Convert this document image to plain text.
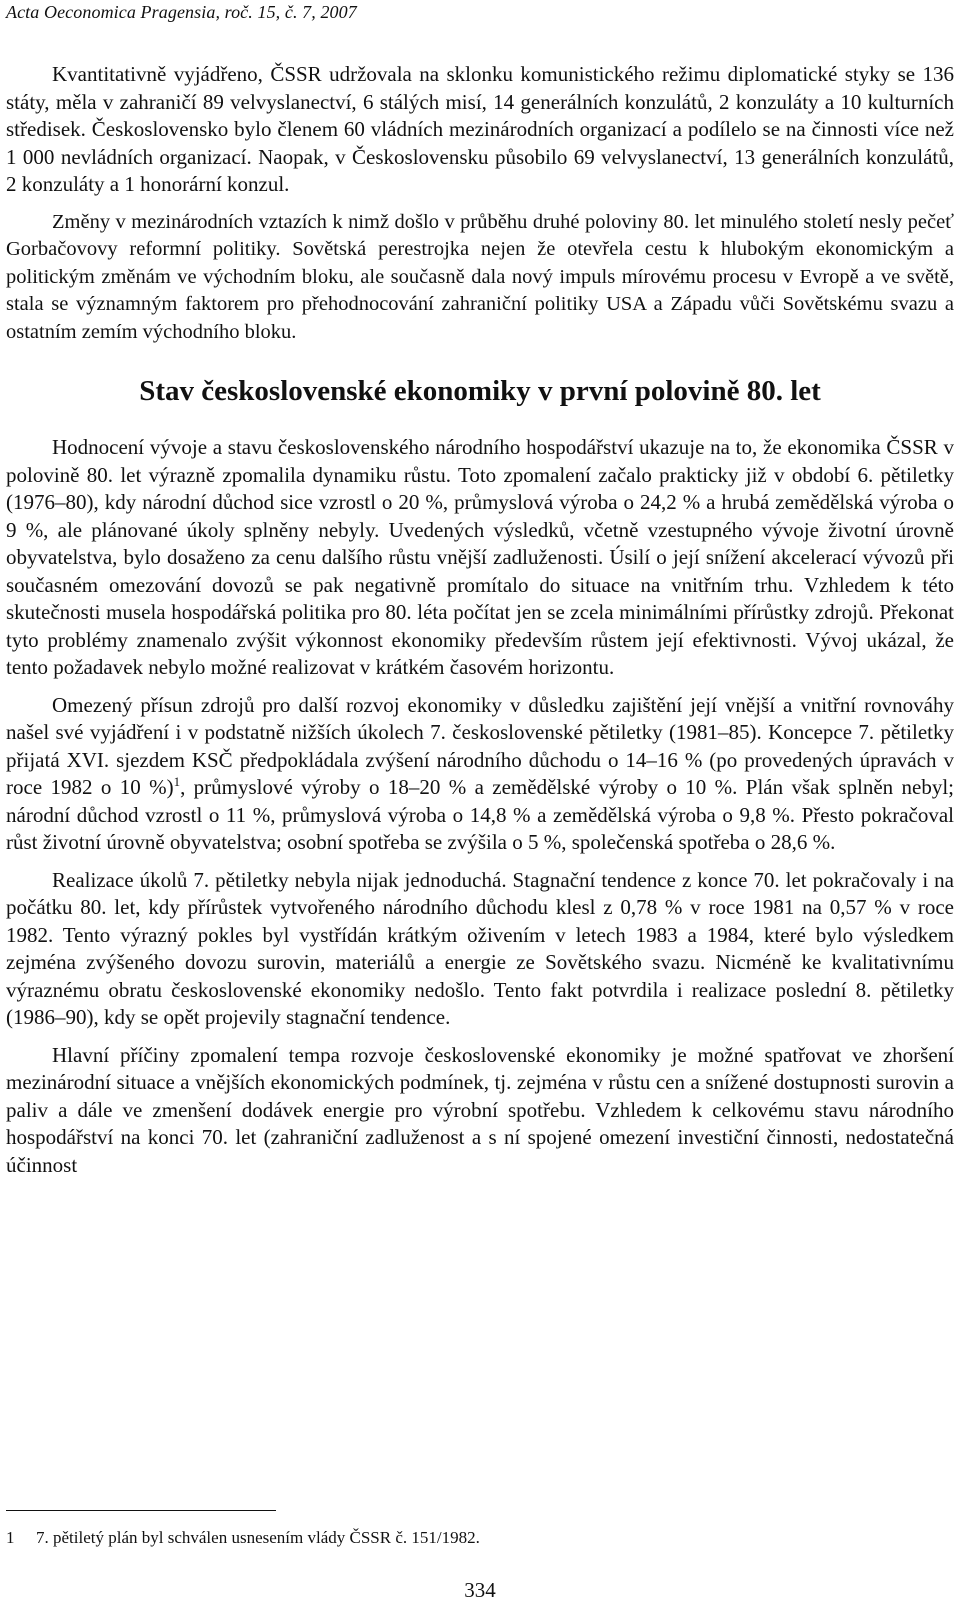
Acta Oeconomica Pragensia, roč. 15, č. 7, 2007

Kvantitativně vyjádřeno, ČSSR udržovala na sklonku komunistického režimu diplomatické styky se 136 státy, měla v zahraničí 89 velvyslanectví, 6 stálých misí, 14 generálních konzulátů, 2 konzuláty a 10 kulturních středisek. Československo bylo členem 60 vládních mezinárodních organizací a podílelo se na činnosti více než 1 000 nevládních organizací. Naopak, v Československu působilo 69 velvyslanectví, 13 generálních konzulátů, 2 konzuláty a 1 honorární konzul.

Změny v mezinárodních vztazích k nimž došlo v průběhu druhé poloviny 80. let minulého století nesly pečeť Gorbačovovy reformní politiky. Sovětská perestrojka nejen že otevřela cestu k hlubokým ekonomickým a politickým změnám ve východním bloku, ale současně dala nový impuls mírovému procesu v Evropě a ve světě, stala se významným faktorem pro přehodnocování zahraniční politiky USA a Západu vůči Sovětskému svazu a ostatním zemím východního bloku.

Stav československé ekonomiky v první polovině 80. let

Hodnocení vývoje a stavu československého národního hospodářství ukazuje na to, že ekonomika ČSSR v polovině 80. let výrazně zpomalila dynamiku růstu. Toto zpomalení začalo prakticky již v období 6. pětiletky (1976–80), kdy národní důchod sice vzrostl o 20 %, průmyslová výroba o 24,2 % a hrubá zemědělská výroba o 9 %, ale plánované úkoly splněny nebyly. Uvedených výsledků, včetně vzestupného vývoje životní úrovně obyvatelstva, bylo dosaženo za cenu dalšího růstu vnější zadluženosti. Úsilí o její snížení akcelerací vývozů při současném omezování dovozů se pak negativně promítalo do situace na vnitřním trhu. Vzhledem k této skutečnosti musela hospodářská politika pro 80. léta počítat jen se zcela minimálními přírůstky zdrojů. Překonat tyto problémy znamenalo zvýšit výkonnost ekonomiky především růstem její efektivnosti. Vývoj ukázal, že tento požadavek nebylo možné realizovat v krátkém časovém horizontu.

Omezený přísun zdrojů pro další rozvoj ekonomiky v důsledku zajištění její vnější a vnitřní rovnováhy našel své vyjádření i v podstatně nižších úkolech 7. československé pětiletky (1981–85). Koncepce 7. pětiletky přijatá XVI. sjezdem KSČ předpokládala zvýšení národního důchodu o 14–16 % (po provedených úpravách v roce 1982 o 10 %)$^1$, průmyslové výroby o 18–20 % a zemědělské výroby o 10 %. Plán však splněn nebyl; národní důchod vzrostl o 11 %, průmyslová výroba o 14,8 % a zemědělská výroba o 9,8 %. Přesto pokračoval růst životní úrovně obyvatelstva; osobní spotřeba se zvýšila o 5 %, společenská spotřeba o 28,6 %.

Realizace úkolů 7. pětiletky nebyla nijak jednoduchá. Stagnační tendence z konce 70. let pokračovaly i na počátku 80. let, kdy přírůstek vytvořeného národního důchodu klesl z 0,78 % v roce 1981 na 0,57 % v roce 1982. Tento výrazný pokles byl vystřídán krátkým oživením v letech 1983 a 1984, které bylo výsledkem zejména zvýšeného dovozu surovin, materiálů a energie ze Sovětského svazu. Nicméně ke kvalitativnímu výraznému obratu československé ekonomiky nedošlo. Tento fakt potvrdila i realizace poslední 8. pětiletky (1986–90), kdy se opět projevily stagnační tendence.

Hlavní příčiny zpomalení tempa rozvoje československé ekonomiky je možné spatřovat ve zhoršení mezinárodní situace a vnějších ekonomických podmínek, tj. zejména v růstu cen a snížené dostupnosti surovin a paliv a dále ve zmenšení dodávek energie pro výrobní spotřebu. Vzhledem k celkovému stavu národního hospodářství na konci 70. let (zahraniční zadluženost a s ní spojené omezení investiční činnosti, nedostatečná účinnost

1 7. pětiletý plán byl schválen usnesením vlády ČSSR č. 151/1982.
334
